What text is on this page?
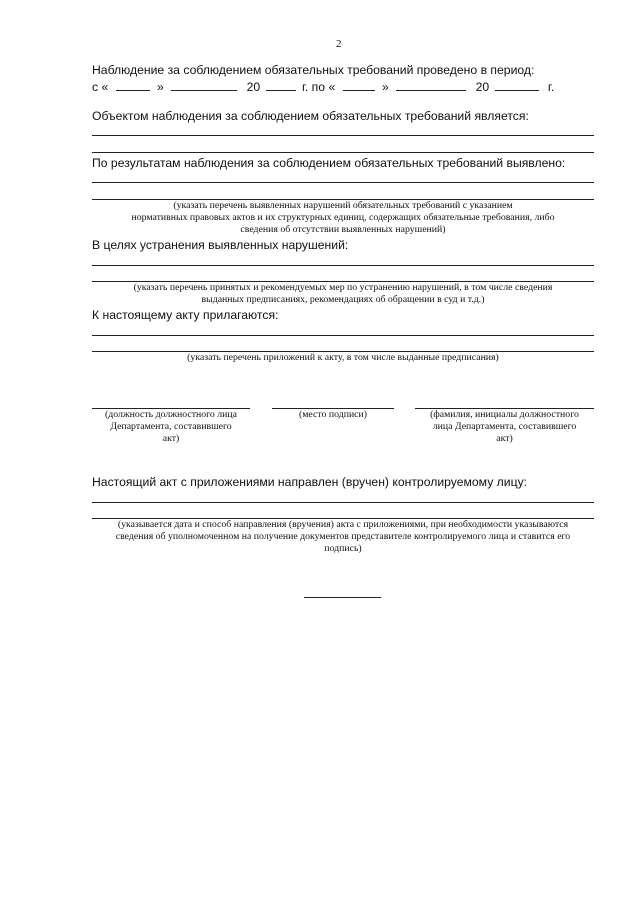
2
Наблюдение за соблюдением обязательных требований проведено в период:
с «	»	20	г. по «	»	20	г.
Объектом наблюдения за соблюдением обязательных требований является:
По результатам наблюдения за соблюдением обязательных требований выявлено:
(указать перечень выявленных нарушений обязательных требований с указанием
нормативных правовых актов и их структурных единиц, содержащих обязательные требования, либо
сведения об отсутствии выявленных нарушений)
В целях устранения выявленных нарушений:
(указать перечень принятых и рекомендуемых мер по устранению нарушений, в том числе сведения
выданных предписаниях, рекомендациях об обращении в суд и т.д.)
К настоящему акту прилагаются:
(указать перечень приложений к акту, в том числе выданные предписания)
(должность должностного лица
Департамента, составившего
акт)
(место подписи)	(фамилия, инициалы должностного
лица Департамента, составившего
акт)
Настоящий акт с приложениями направлен (вручен) контролируемому лицу:
(указывается дата и способ направления (вручения) акта с приложениями, при необходимости указываются
сведения об уполномоченном на получение документов представителе контролируемого лица и ставится его
подпись)
